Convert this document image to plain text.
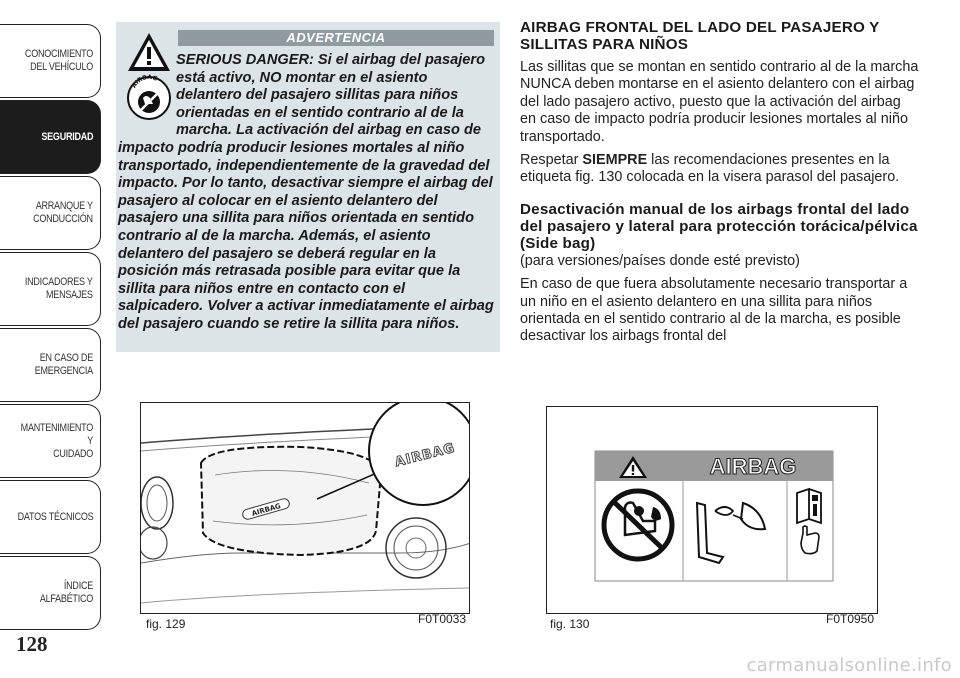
CONOCIMIENTO
DEL VEHÍCULO
SEGURIDAD
ARRANQUE Y
CONDUCCIÓN
INDICADORES Y
MENSAJES
EN CASO DE
EMERGENCIA
MANTENIMIENTO Y
CUIDADO
DATOS TÉCNICOS
ÍNDICE ALFABÉTICO
128
ADVERTENCIA
AIRBAG
SERIOUS DANGER: Si el airbag del pasajero está activo, NO montar en el asiento delantero del pasajero sillitas para niños orientadas en el sentido contrario al de la marcha. La activación del airbag en caso de impacto podría producir lesiones mortales al niño transportado, independientemente de la gravedad del impacto. Por lo tanto, desactivar siempre el airbag del pasajero al colocar en el asiento delantero del pasajero una sillita para niños orientada en sentido contrario al de la marcha. Además, el asiento delantero del pasajero se deberá regular en la posición más retrasada posible para evitar que la sillita para niños entre en contacto con el salpicadero. Volver a activar inmediatamente el airbag del pasajero cuando se retire la sillita para niños.
AIRBAG FRONTAL DEL LADO DEL PASAJERO Y SILLITAS PARA NIÑOS
Las sillitas que se montan en sentido contrario al de la marcha NUNCA deben montarse en el asiento delantero con el airbag del lado pasajero activo, puesto que la activación del airbag en caso de impacto podría producir lesiones mortales al niño transportado.
Respetar SIEMPRE las recomendaciones presentes en la etiqueta fig. 130 colocada en la visera parasol del pasajero.
Desactivación manual de los airbags frontal del lado del pasajero y lateral para protección torácica/pélvica (Side bag)
(para versiones/países donde esté previsto)
En caso de que fuera absolutamente necesario transportar a un niño en el asiento delantero en una sillita para niños orientada en el sentido contrario al de la marcha, es posible desactivar los airbags frontal del
AIRBAG
AIRBAG
fig. 129	F0T0033
AIRBAG
fig. 130	F0T0950
carmanualsonline.info
